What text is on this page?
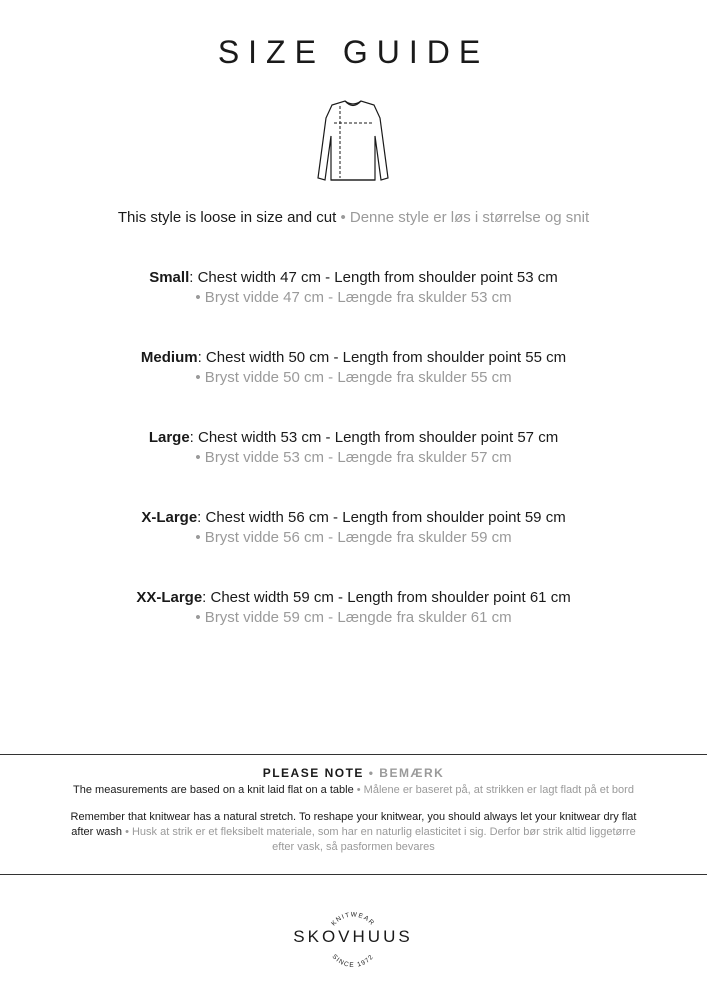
SIZE GUIDE
This style is loose in size and cut • Denne style er løs i størrelse og snit
Small: Chest width 47 cm - Length from shoulder point 53 cm
• Bryst vidde 47 cm - Længde fra skulder 53 cm
Medium: Chest width 50 cm - Length from shoulder point 55 cm
• Bryst vidde 50 cm - Længde fra skulder 55 cm
Large: Chest width 53 cm - Length from shoulder point 57 cm
• Bryst vidde 53 cm - Længde fra skulder 57 cm
X-Large: Chest width 56 cm - Length from shoulder point 59 cm
• Bryst vidde 56 cm - Længde fra skulder 59 cm
XX-Large: Chest width 59 cm - Length from shoulder point 61 cm
• Bryst vidde 59 cm - Længde fra skulder 61 cm
PLEASE NOTE • BEMÆRK

The measurements are based on a knit laid flat on a table • Målene er baseret på, at strikken er lagt fladt på et bord

Remember that knitwear has a natural stretch. To reshape your knitwear, you should always let your knitwear dry flat after wash • Husk at strik er et fleksibelt materiale, som har en naturlig elasticitet i sig. Derfor bør strik altid liggetørre efter vask, så pasformen bevares

KNITWEAR
SKOVHUUS
SINCE 1972
